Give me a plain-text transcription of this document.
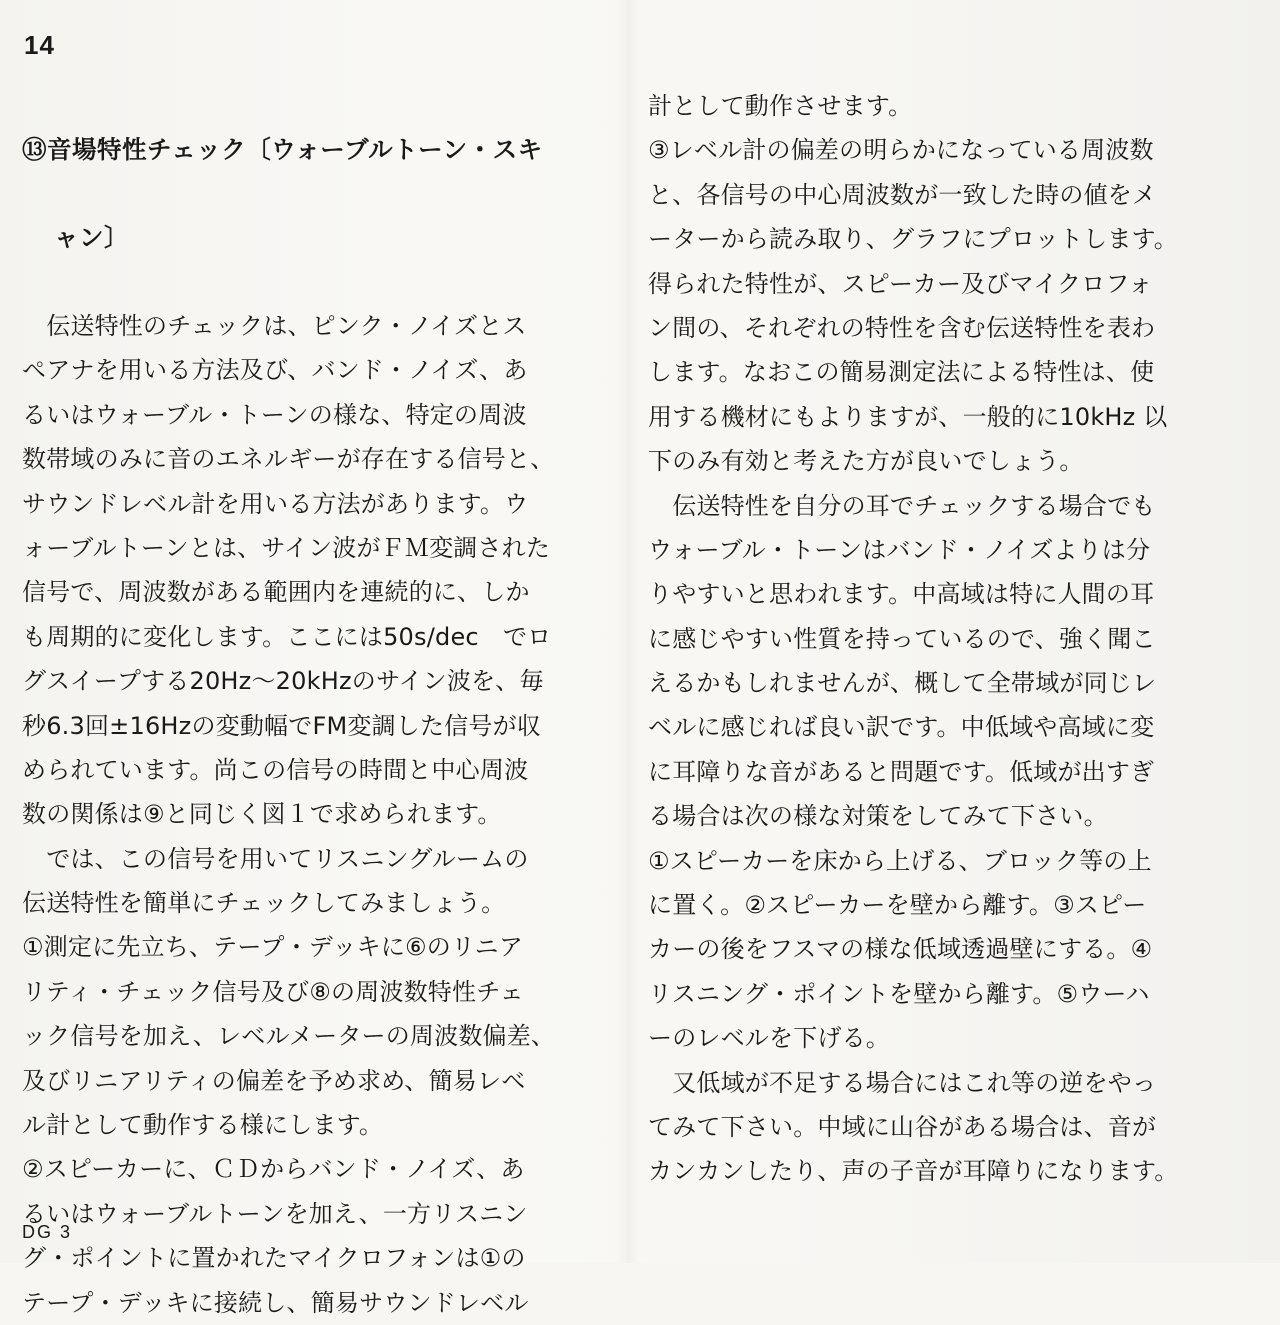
14

⑬音場特性チェック〔ウォーブルトーン・スキ

ャン〕

　伝送特性のチェックは、ピンク・ノイズとス
ペアナを用いる方法及び、バンド・ノイズ、あ
るいはウォーブル・トーンの様な、特定の周波
数帯域のみに音のエネルギーが存在する信号と、
サウンドレベル計を用いる方法があります。ウ
ォーブルトーンとは、サイン波がＦＭ変調された
信号で、周波数がある範囲内を連続的に、しか
も周期的に変化します。ここには50s/dec　でロ
グスイープする20Hz～20kHzのサイン波を、毎
秒6.3回±16Hzの変動幅でFM変調した信号が収
められています。尚この信号の時間と中心周波
数の関係は⑨と同じく図１で求められます。
　では、この信号を用いてリスニングルームの
伝送特性を簡単にチェックしてみましょう。
①測定に先立ち、テープ・デッキに⑥のリニア
リティ・チェック信号及び⑧の周波数特性チェ
ック信号を加え、レベルメーターの周波数偏差、
及びリニアリティの偏差を予め求め、簡易レベ
ル計として動作する様にします。
②スピーカーに、ＣＤからバンド・ノイズ、あ
るいはウォーブルトーンを加え、一方リスニン
グ・ポイントに置かれたマイクロフォンは①の
テープ・デッキに接続し、簡易サウンドレベル
計として動作させます。
③レベル計の偏差の明らかになっている周波数
と、各信号の中心周波数が一致した時の値をメ
ーターから読み取り、グラフにプロットします。
得られた特性が、スピーカー及びマイクロフォ
ン間の、それぞれの特性を含む伝送特性を表わ
します。なおこの簡易測定法による特性は、使
用する機材にもよりますが、一般的に10kHz 以
下のみ有効と考えた方が良いでしょう。
　伝送特性を自分の耳でチェックする場合でも
ウォーブル・トーンはバンド・ノイズよりは分
りやすいと思われます。中高域は特に人間の耳
に感じやすい性質を持っているので、強く聞こ
えるかもしれませんが、概して全帯域が同じレ
ベルに感じれば良い訳です。中低域や高域に変
に耳障りな音があると問題です。低域が出すぎ
る場合は次の様な対策をしてみて下さい。
①スピーカーを床から上げる、ブロック等の上
に置く。②スピーカーを壁から離す。③スピー
カーの後をフスマの様な低域透過壁にする。④
リスニング・ポイントを壁から離す。⑤ウーハ
ーのレベルを下げる。
　又低域が不足する場合にはこれ等の逆をやっ
てみて下さい。中域に山谷がある場合は、音が
カンカンしたり、声の子音が耳障りになります。
DG 3
